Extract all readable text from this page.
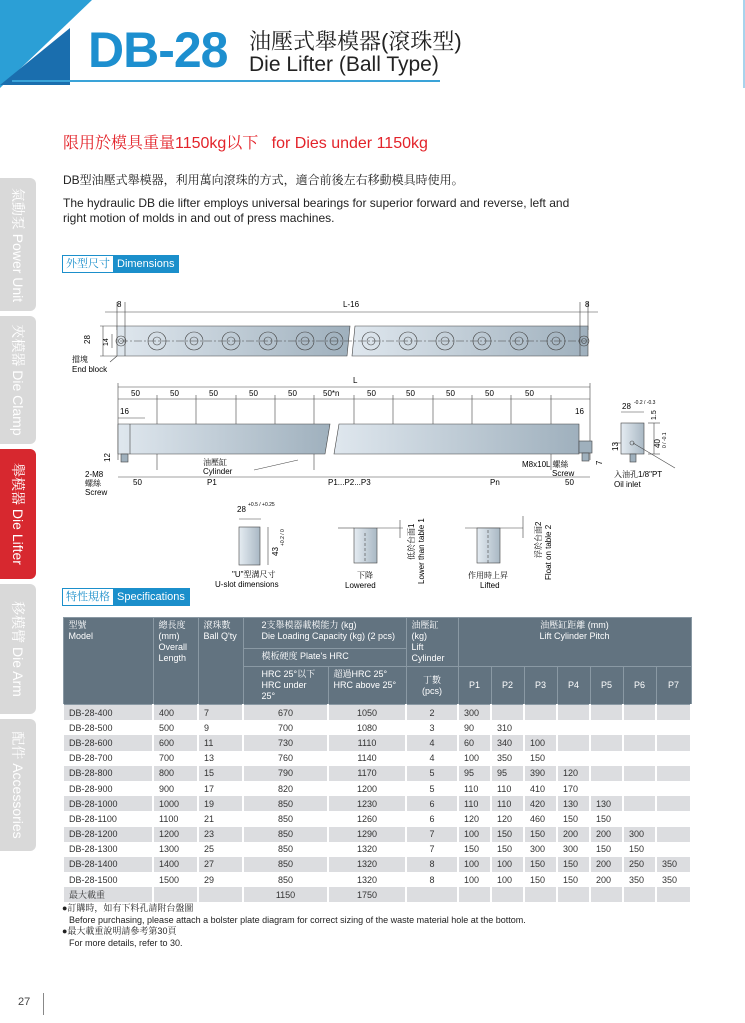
DB-28 油壓式舉模器(滾珠型)
Die Lifter (Ball Type)
氣動泵 Power Unit
夾模器 Die Clamp
舉模器 Die Lifter
移模臂 Die Arm
配件 Accessories
限用於模具重量1150kg以下   for Dies under 1150kg
DB型油壓式舉模器，利用萬向滾珠的方式，適合前後左右移動模具時使用。
The hydraulic DB die lifter employs universal bearings for superior forward and reverse, left and right motion of molds in and out of press machines.
外型尺寸 Dimensions
8	L-16	8
28 14
擋塊
End block
L
50	50	50	50	50	50*n	50	50	50	50	50
16	16
12
2-M8
螺絲
Screw
油壓缸
Cylinder
50	P1	P1...P2...P3	Pn	50
M8x10L 螺絲
Screw
7
28 -0.2 / -0.3
1.5
40 0 / -0.1
13
入油孔1/8"PT
Oil inlet
28 +0.5 / +0.25
43
+0.2 / 0
"U"型溝尺寸
U-slot dimensions
下降
Lowered
低於台面1 Lower than table 1	作用時上昇
Lifted
浮於台面2 Float on table 2
特性規格 Specifications
型號
Model	總長度
(mm)
Overall
Length	滾珠數
Ball Q'ty	2支舉模器載模能力 (kg)
Die Loading Capacity (kg) (2 pcs)		油壓缸 (kg)
Lift
Cylinder	油壓缸距離 (mm)
Lift Cylinder Pitch						
			模板硬度 Plate's HRC									
			HRC 25°以下
HRC under 25°	超過HRC 25°
HRC above 25°	丁數
(pcs)	P1	P2	P3	P4	P5	P6	P7
DB-28-400	400	7	670	1050	2	300						
DB-28-500	500	9	700	1080	3	90	310					
DB-28-600	600	11	730	1110	4	60	340	100				
DB-28-700	700	13	760	1140	4	100	350	150				
DB-28-800	800	15	790	1170	5	95	95	390	120			
DB-28-900	900	17	820	1200	5	110	110	410	170			
DB-28-1000	1000	19	850	1230	6	110	110	420	130	130		
DB-28-1100	1100	21	850	1260	6	120	120	460	150	150		
DB-28-1200	1200	23	850	1290	7	100	150	150	200	200	300	
DB-28-1300	1300	25	850	1320	7	150	150	300	300	150	150	
DB-28-1400	1400	27	850	1320	8	100	100	150	150	200	250	350
DB-28-1500	1500	29	850	1320	8	100	100	150	150	200	350	350
最大載重			1150	1750								
●訂購時，如有下料孔請附台盤圖
Before purchasing, please attach a bolster plate diagram for correct sizing of the waste material hole at the bottom.
●最大載重說明請參考第30頁
For more details, refer to 30.
27
